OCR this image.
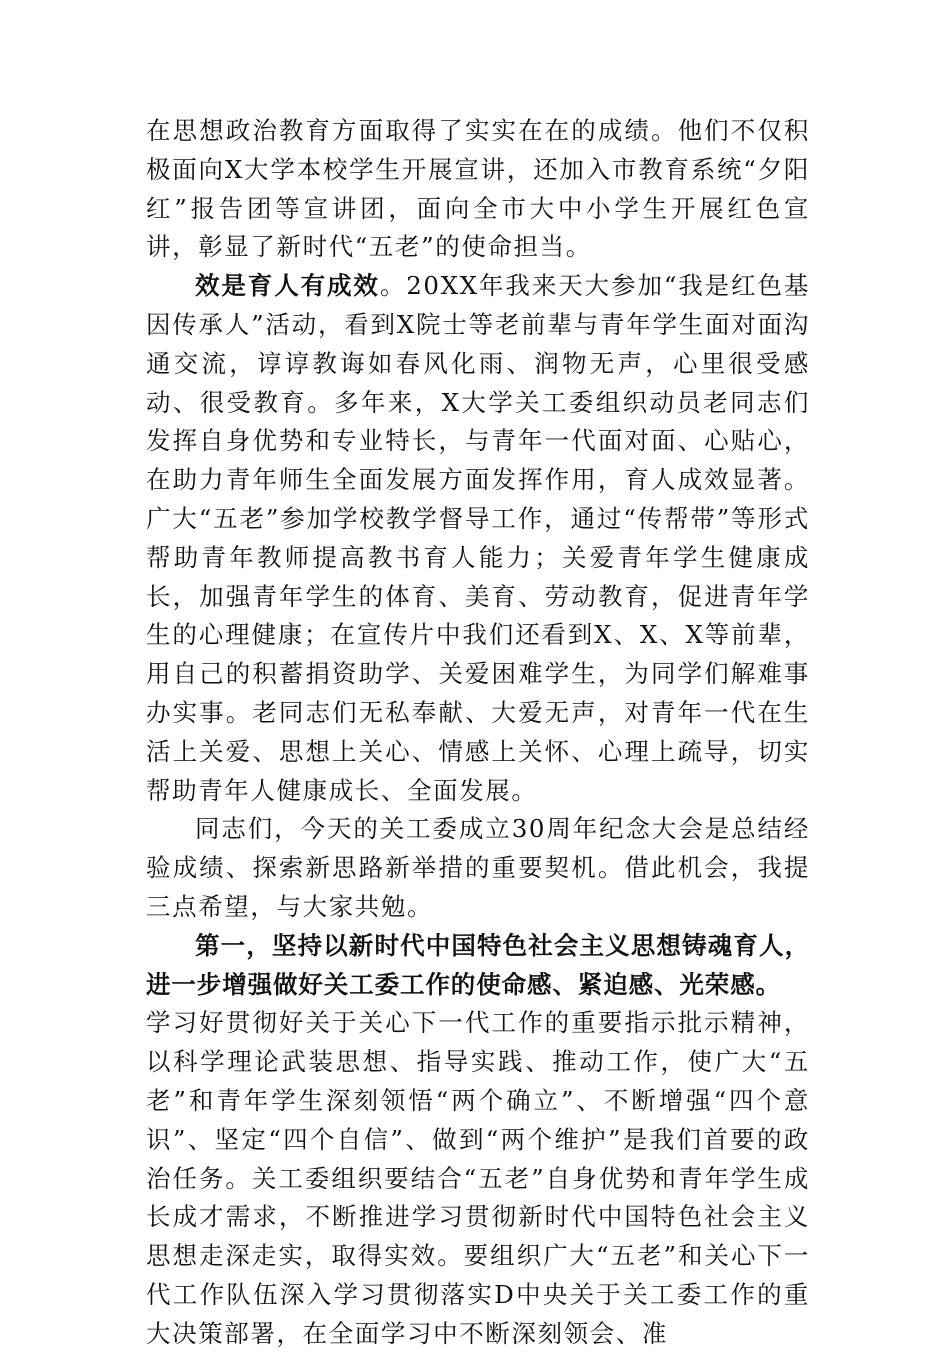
在思想政治教育方面取得了实实在在的成绩。他们不仅积极面向X大学本校学生开展宣讲，还加入市教育系统“夕阳红”报告团等宣讲团，面向全市大中小学生开展红色宣讲，彰显了新时代“五老”的使命担当。

效是育人有成效。20XX年我来天大参加“我是红色基因传承人”活动，看到X院士等老前辈与青年学生面对面沟通交流，谆谆教诲如春风化雨、润物无声，心里很受感动、很受教育。多年来，X大学关工委组织动员老同志们发挥自身优势和专业特长，与青年一代面对面、心贴心，在助力青年师生全面发展方面发挥作用，育人成效显著。广大“五老”参加学校教学督导工作，通过“传帮带”等形式帮助青年教师提高教书育人能力；关爱青年学生健康成长，加强青年学生的体育、美育、劳动教育，促进青年学生的心理健康；在宣传片中我们还看到X、X、X等前辈，用自己的积蓄捐资助学、关爱困难学生，为同学们解难事办实事。老同志们无私奉献、大爱无声，对青年一代在生活上关爱、思想上关心、情感上关怀、心理上疏导，切实帮助青年人健康成长、全面发展。

同志们，今天的关工委成立30周年纪念大会是总结经验成绩、探索新思路新举措的重要契机。借此机会，我提三点希望，与大家共勉。

第一，坚持以新时代中国特色社会主义思想铸魂育人，进一步增强做好关工委工作的使命感、紧迫感、光荣感。
学习好贯彻好关于关心下一代工作的重要指示批示精神，以科学理论武装思想、指导实践、推动工作，使广大“五老”和青年学生深刻领悟“两个确立”、不断增强“四个意识”、坚定“四个自信”、做到“两个维护”是我们首要的政治任务。关工委组织要结合“五老”自身优势和青年学生成长成才需求，不断推进学习贯彻新时代中国特色社会主义思想走深走实，取得实效。要组织广大“五老”和关心下一代工作队伍深入学习贯彻落实D中央关于关工委工作的重大决策部署，在全面学习中不断深刻领会、准
